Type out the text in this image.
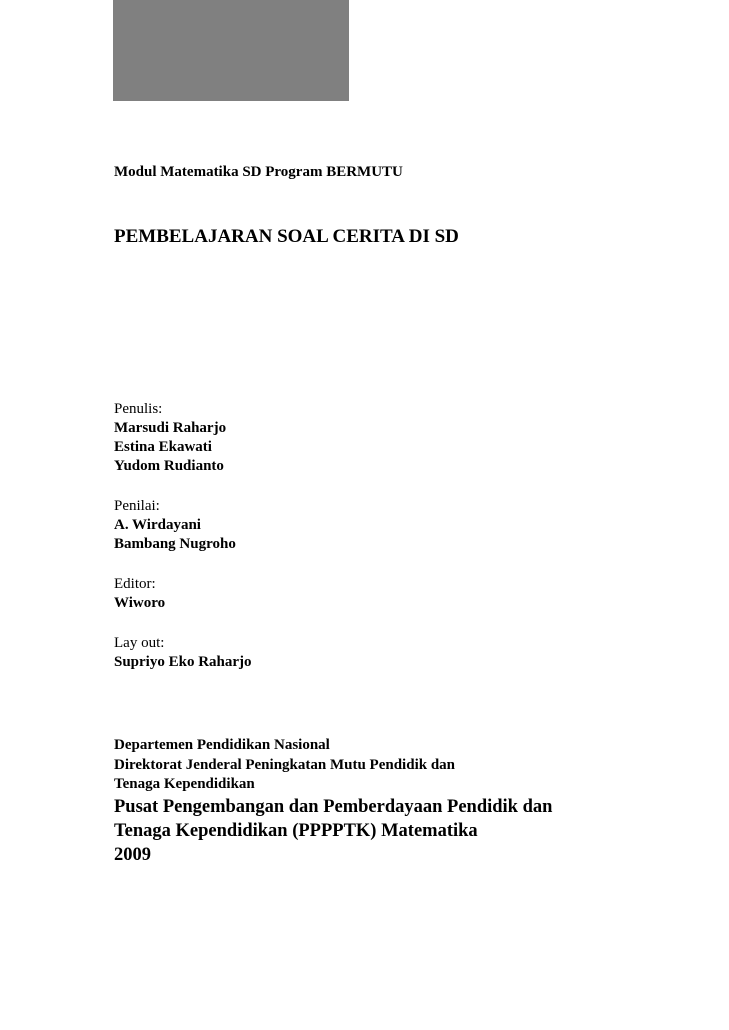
Modul Matematika SD Program BERMUTU
PEMBELAJARAN SOAL CERITA DI SD
Penulis:
Marsudi Raharjo
Estina Ekawati
Yudom Rudianto
Penilai:
A. Wirdayani
Bambang Nugroho
Editor:
Wiworo
Lay out:
Supriyo Eko Raharjo
Departemen Pendidikan Nasional
Direktorat Jenderal Peningkatan Mutu Pendidik dan
Tenaga Kependidikan
Pusat Pengembangan dan Pemberdayaan Pendidik dan
Tenaga Kependidikan (PPPPTK) Matematika
2009
